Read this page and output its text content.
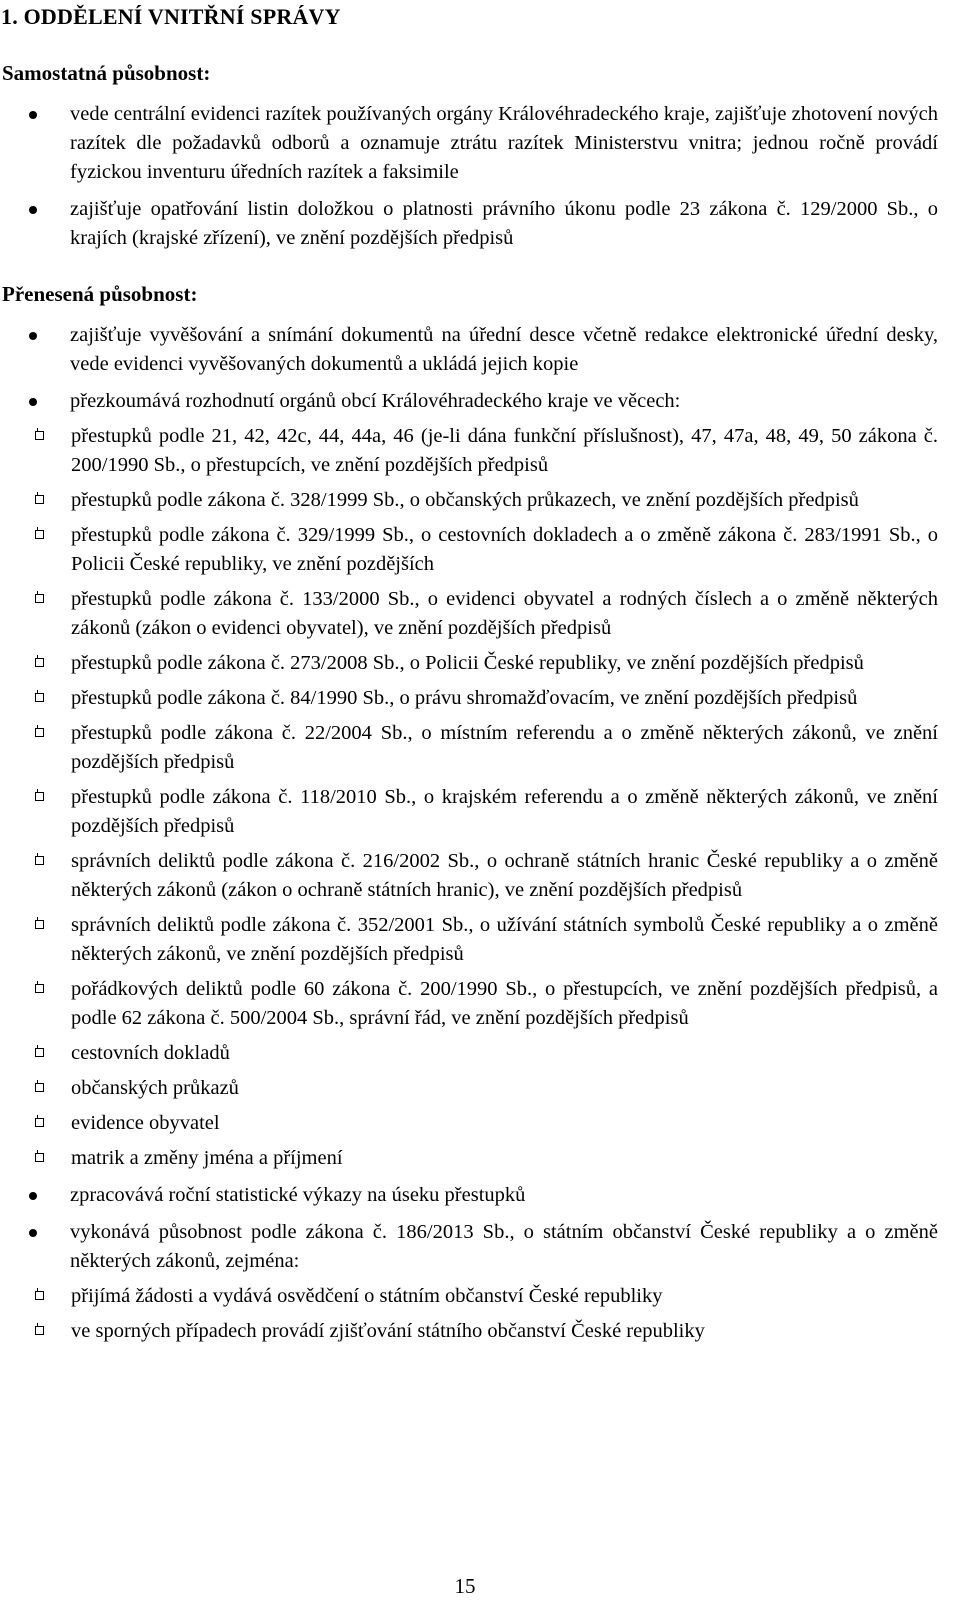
1. ODDĚLENÍ VNITŘNÍ SPRÁVY
Samostatná působnost:
vede centrální evidenci razítek používaných orgány Královéhradeckého kraje, zajišťuje zhotovení nových razítek dle požadavků odborů a oznamuje ztrátu razítek Ministerstvu vnitra; jednou ročně provádí fyzickou inventuru úředních razítek a faksimile
zajišťuje opatřování listin doložkou o platnosti právního úkonu podle 23 zákona č. 129/2000 Sb., o krajích (krajské zřízení), ve znění pozdějších předpisů
Přenesená působnost:
zajišťuje vyvěšování a snímání dokumentů na úřední desce včetně redakce elektronické úřední desky, vede evidenci vyvěšovaných dokumentů a ukládá jejich kopie
přezkoumává rozhodnutí orgánů obcí Královéhradeckého kraje ve věcech:
přestupků podle 21, 42, 42c, 44, 44a, 46 (je-li dána funkční příslušnost), 47, 47a, 48, 49, 50 zákona č. 200/1990 Sb., o přestupcích, ve znění pozdějších předpisů
přestupků podle zákona č. 328/1999 Sb., o občanských průkazech, ve znění pozdějších předpisů
přestupků podle zákona č. 329/1999 Sb., o cestovních dokladech a o změně zákona č. 283/1991 Sb., o Policii České republiky, ve znění pozdějších
přestupků podle zákona č. 133/2000 Sb., o evidenci obyvatel a rodných číslech a o změně některých zákonů (zákon o evidenci obyvatel), ve znění pozdějších předpisů
přestupků podle zákona č. 273/2008 Sb., o Policii České republiky, ve znění pozdějších předpisů
přestupků podle zákona č. 84/1990 Sb., o právu shromažďovacím, ve znění pozdějších předpisů
přestupků podle zákona č. 22/2004 Sb., o místním referendu a o změně některých zákonů, ve znění pozdějších předpisů
přestupků podle zákona č. 118/2010 Sb., o krajském referendu a o změně některých zákonů, ve znění pozdějších předpisů
správních deliktů podle zákona č. 216/2002 Sb., o ochraně státních hranic České republiky a o změně některých zákonů (zákon o ochraně státních hranic), ve znění pozdějších předpisů
správních deliktů podle zákona č. 352/2001 Sb., o užívání státních symbolů České republiky a o změně některých zákonů, ve znění pozdějších předpisů
pořádkových deliktů podle 60 zákona č. 200/1990 Sb., o přestupcích, ve znění pozdějších předpisů, a podle 62 zákona č. 500/2004 Sb., správní řád, ve znění pozdějších předpisů
cestovních dokladů
občanských průkazů
evidence obyvatel
matrik a změny jména a příjmení
zpracovává roční statistické výkazy na úseku přestupků
vykonává působnost podle zákona č. 186/2013 Sb., o státním občanství České republiky a o změně některých zákonů, zejména:
přijímá žádosti a vydává osvědčení o státním občanství České republiky
ve sporných případech provádí zjišťování státního občanství České republiky
15
